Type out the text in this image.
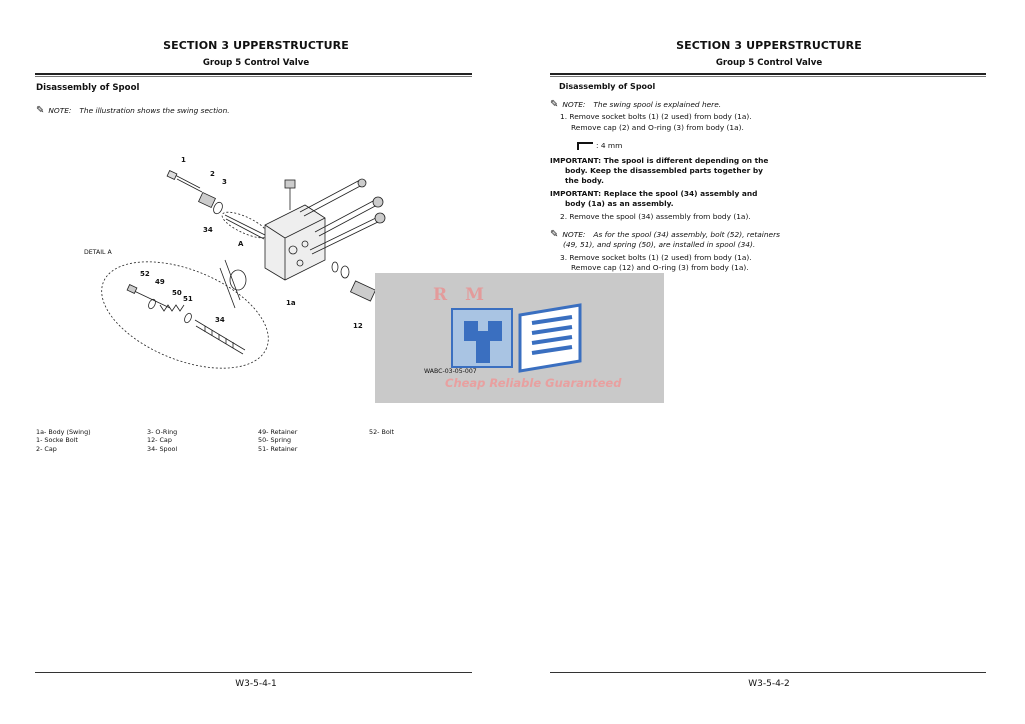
SECTION 3 UPPERSTRUCTURE
Group 5 Control Valve
Disassembly of Spool
✎ NOTE: The illustration shows the swing section.
1
2
3
34
A
1a
12
52
49
50
51
34
DETAIL A
1a- Body (Swing)
1- Socke Bolt
2- Cap
3- O-Ring
12- Cap
34- Spool
49- Retainer
50- Spring
51- Retainer
52- Bolt
W3-5-4-1
SECTION 3 UPPERSTRUCTURE
Group 5 Control Valve
Disassembly of Spool
✎ NOTE: The swing spool is explained here.
1. Remove socket bolts (1) (2 used) from body (1a).
Remove cap (2) and O-ring (3) from body (1a).
: 4 mm
IMPORTANT: The spool is different depending on the
body. Keep the disassembled parts together by
the body.
IMPORTANT: Replace the spool (34) assembly and
body (1a) as an assembly.
2. Remove the spool (34) assembly from body (1a).
✎ NOTE: As for the spool (34) assembly, bolt (52), retainers
(49, 51), and spring (50), are installed in spool (34).
3. Remove socket bolts (1) (2 used) from body (1a).
Remove cap (12) and O-ring (3) from body (1a).
W3-5-4-2
RM
WABC-03-05-007
Cheap Reliable Guaranteed
